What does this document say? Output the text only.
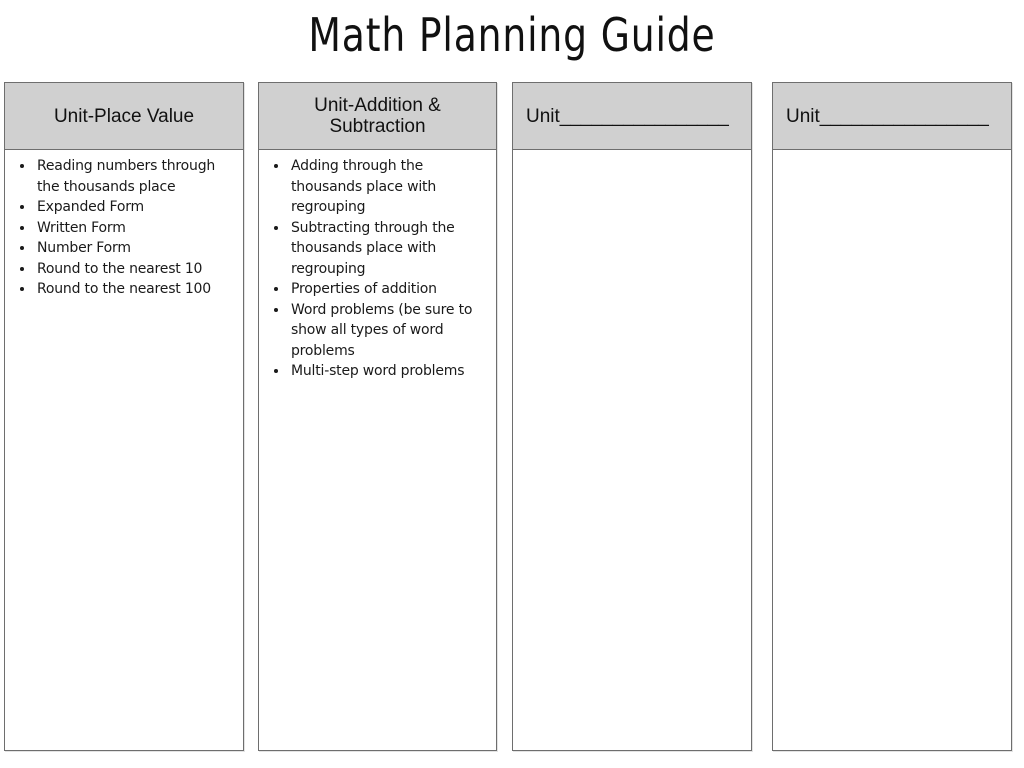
Math Planning Guide
Unit-Place Value
• Reading numbers through the thousands place
• Expanded Form
• Written Form
• Number Form
• Round to the nearest 10
• Round to the nearest 100
Unit-Addition & Subtraction
• Adding through the thousands place with regrouping
• Subtracting through the thousands place with regrouping
• Properties of addition
• Word problems (be sure to show all types of word problems
• Multi-step word problems
Unit________________	Unit________________
